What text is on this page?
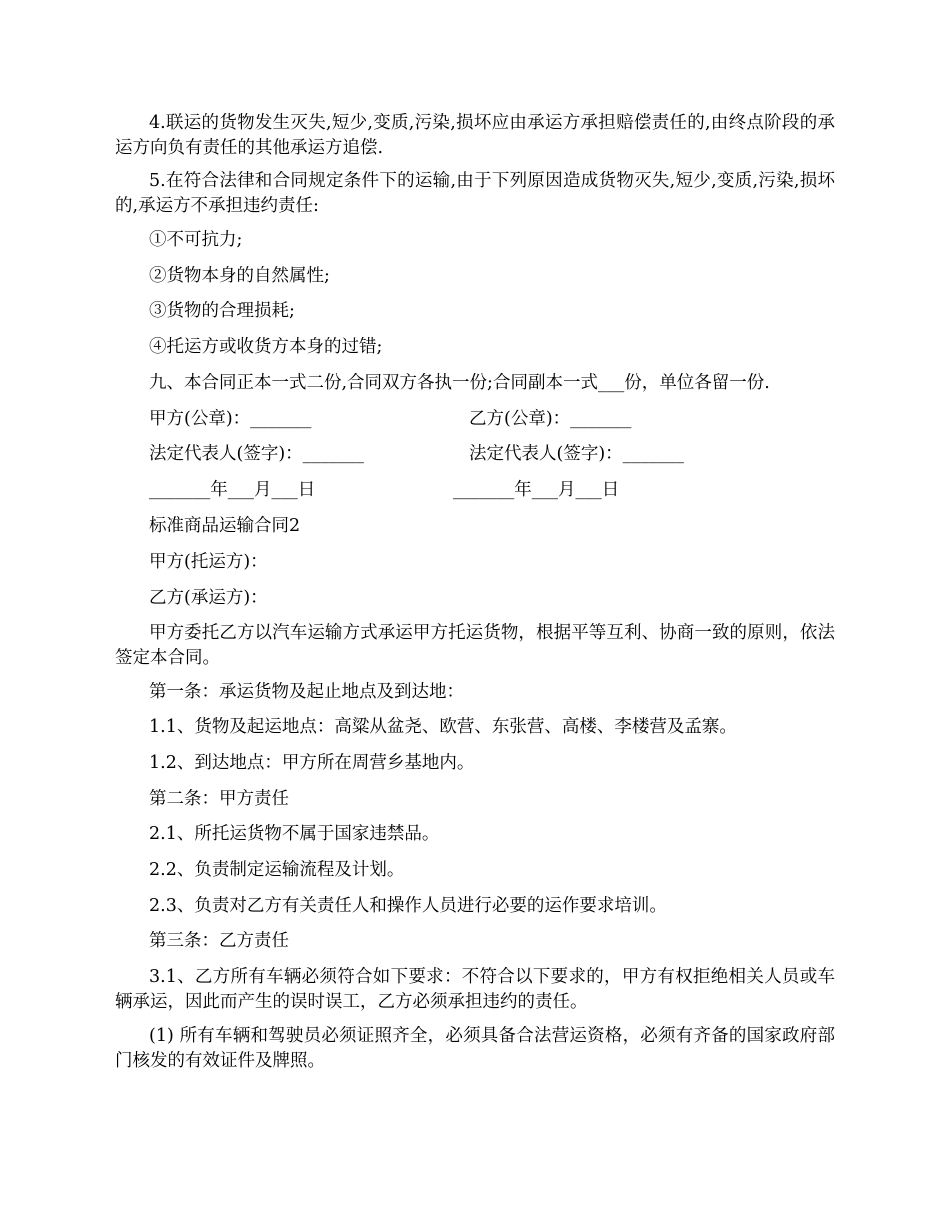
4.联运的货物发生灭失,短少,变质,污染,损坏应由承运方承担赔偿责任的,由终点阶段的承运方向负有责任的其他承运方追偿.

5.在符合法律和合同规定条件下的运输,由于下列原因造成货物灭失,短少,变质,污染,损坏的,承运方不承担违约责任:

①不可抗力;

②货物本身的自然属性;

③货物的合理损耗;

④托运方或收货方本身的过错;

九、本合同正本一式二份,合同双方各执一份;合同副本一式___份，单位各留一份.

甲方(公章)：_______	乙方(公章)：_______
法定代表人(签字)：_______	法定代表人(签字)：_______
_______年___月___日	_______年___月___日

标准商品运输合同2

甲方(托运方)：

乙方(承运方)：

甲方委托乙方以汽车运输方式承运甲方托运货物，根据平等互利、协商一致的原则，依法签定本合同。

第一条：承运货物及起止地点及到达地：

1.1、货物及起运地点：高粱从盆尧、欧营、东张营、高楼、李楼营及孟寨。

1.2、到达地点：甲方所在周营乡基地内。

第二条：甲方责任

2.1、所托运货物不属于国家违禁品。

2.2、负责制定运输流程及计划。

2.3、负责对乙方有关责任人和操作人员进行必要的运作要求培训。

第三条：乙方责任

3.1、乙方所有车辆必须符合如下要求：不符合以下要求的，甲方有权拒绝相关人员或车辆承运，因此而产生的误时误工，乙方必须承担违约的责任。

(1) 所有车辆和驾驶员必须证照齐全，必须具备合法营运资格，必须有齐备的国家政府部门核发的有效证件及牌照。
